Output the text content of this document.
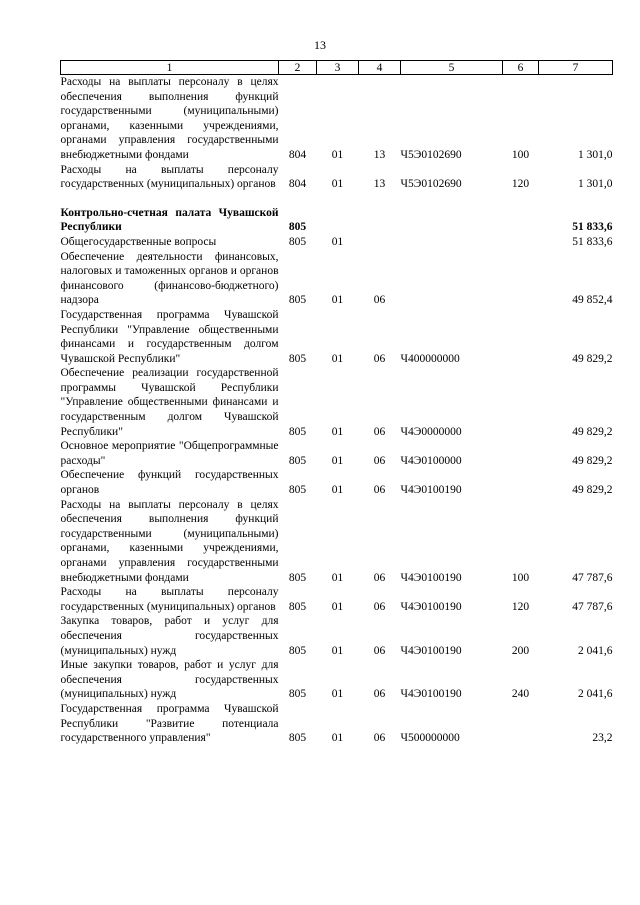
13
1	2	3	4	5	6	7
Расходы на выплаты персоналу в целях обеспечения выполнения функций государственными (муниципальными) органами, казенными учреждениями, органами управления государственными внебюджетными фондами	804	01	13	Ч5Э0102690	100	1 301,0
Расходы на выплаты персоналу государственных (муниципальных) органов	804	01	13	Ч5Э0102690	120	1 301,0

Контрольно-счетная палата Чувашской Республики	805					51 833,6
Общегосударственные вопросы	805	01				51 833,6
Обеспечение деятельности финансовых, налоговых и таможенных органов и органов финансового (финансово-бюджетного) надзора	805	01	06			49 852,4
Государственная программа Чувашской Республики "Управление общественными финансами и государственным долгом Чувашской Республики"	805	01	06	Ч400000000		49 829,2
Обеспечение реализации государственной программы Чувашской Республики "Управление общественными финансами и государственным долгом Чувашской Республики"	805	01	06	Ч4Э0000000		49 829,2
Основное мероприятие "Общепрограммные расходы"	805	01	06	Ч4Э0100000		49 829,2
Обеспечение функций государственных органов	805	01	06	Ч4Э0100190		49 829,2
Расходы на выплаты персоналу в целях обеспечения выполнения функций государственными (муниципальными) органами, казенными учреждениями, органами управления государственными внебюджетными фондами	805	01	06	Ч4Э0100190	100	47 787,6
Расходы на выплаты персоналу государственных (муниципальных) органов	805	01	06	Ч4Э0100190	120	47 787,6
Закупка товаров, работ и услуг для обеспечения государственных (муниципальных) нужд	805	01	06	Ч4Э0100190	200	2 041,6
Иные закупки товаров, работ и услуг для обеспечения государственных (муниципальных) нужд	805	01	06	Ч4Э0100190	240	2 041,6
Государственная программа Чувашской Республики "Развитие потенциала государственного управления"	805	01	06	Ч500000000		23,2
